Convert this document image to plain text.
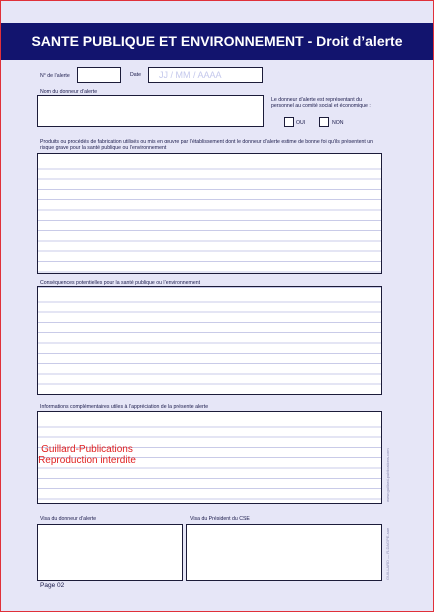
SANTE PUBLIQUE ET ENVIRONNEMENT - Droit d’alerte
N° de l’alerte	Date	JJ / MM / AAAA
Nom du donneur d’alerte
Le donneur d’alerte est représentant du personnel au comité social et économique :
OUI	NON
Produits ou procédés de fabrication utilisés ou mis en œuvre par l’établissement dont le donneur d’alerte estime de bonne foi qu’ils présentent un risque grave pour la santé publique ou l’environnement
Conséquences potentielles pour la santé publique ou l’environnement
Informations complémentaires utiles à l’appréciation de la présente alerte
Guillard-Publications
Reproduction interdite	www.guillard-publications.com
GUILLARD — R-DAGPE-sae
Visa du donneur d’alerte	Visa du Président du CSE
Page 02
